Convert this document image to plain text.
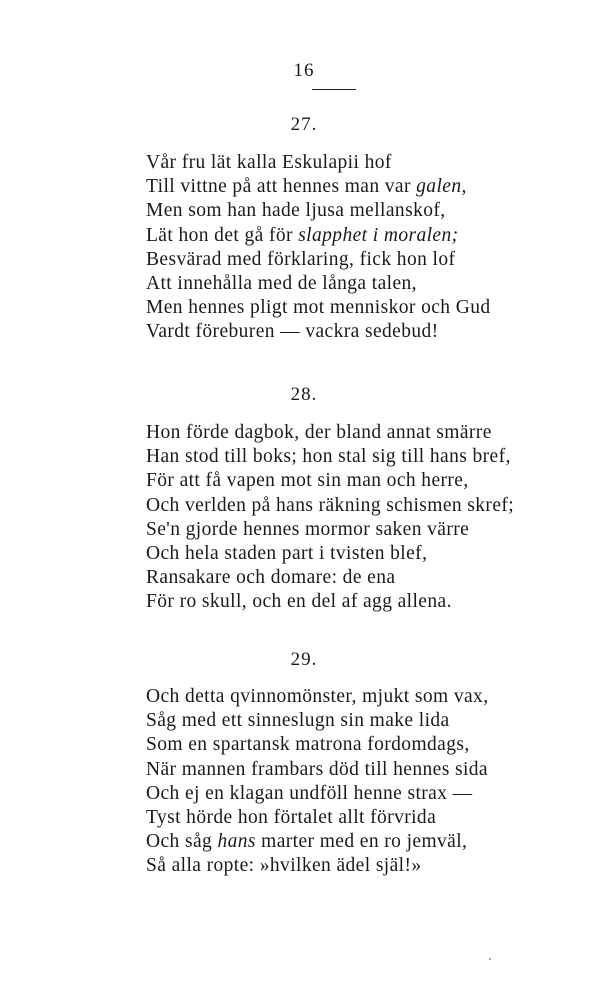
16
27.
Vår fru lät kalla Eskulapii hof
Till vittne på att hennes man var galen,
Men som han hade ljusa mellanskof,
Lät hon det gå för slapphet i moralen;
Besvärad med förklaring, fick hon lof
Att innehålla med de långa talen,
Men hennes pligt mot menniskor och Gud
Vardt föreburen — vackra sedebud!
28.
Hon förde dagbok, der bland annat smärre
Han stod till boks; hon stal sig till hans bref,
För att få vapen mot sin man och herre,
Och verlden på hans räkning schismen skref;
Se'n gjorde hennes mormor saken värre
Och hela staden part i tvisten blef,
Ransakare och domare: de ena
För ro skull, och en del af agg allena.
29.
Och detta qvinnomönster, mjukt som vax,
Såg med ett sinneslugn sin make lida
Som en spartansk matrona fordomdags,
När mannen frambars död till hennes sida
Och ej en klagan undföll henne strax —
Tyst hörde hon förtalet allt förvrida
Och såg hans marter med en ro jemväl,
Så alla ropte: »hvilken ädel själ!»
